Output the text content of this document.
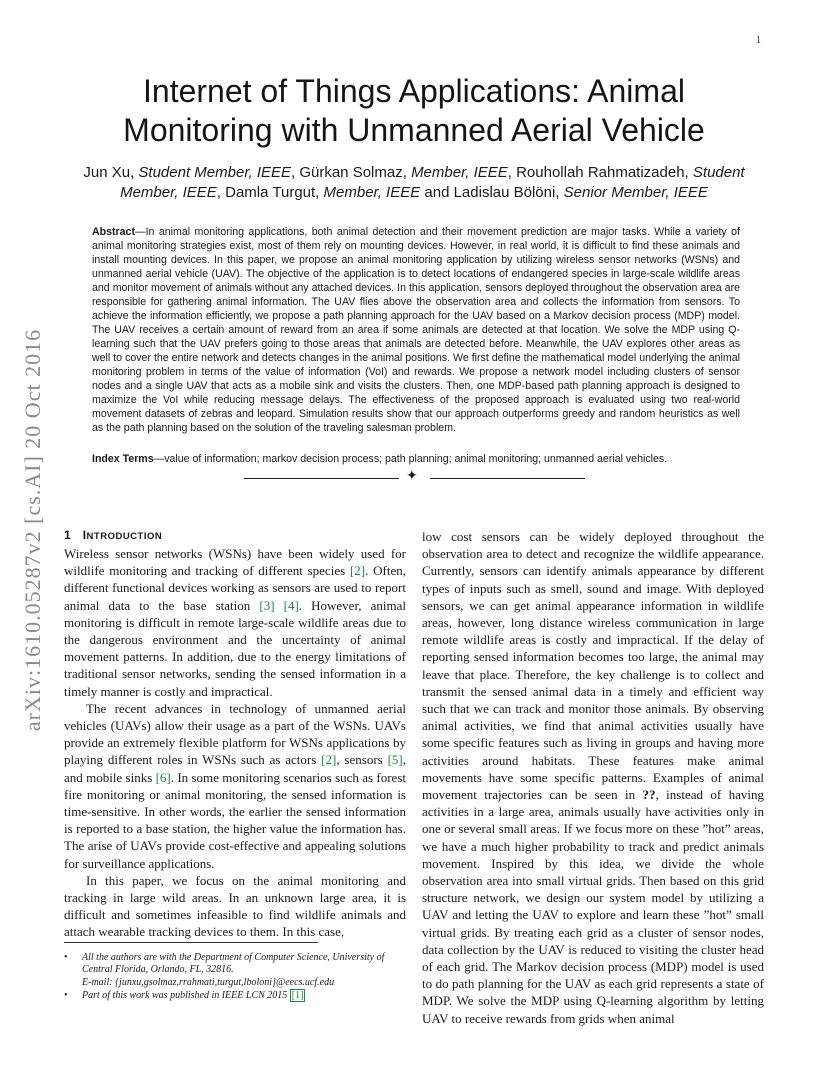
1
arXiv:1610.05287v2 [cs.AI] 20 Oct 2016
Internet of Things Applications: Animal
Monitoring with Unmanned Aerial Vehicle
Jun Xu, Student Member, IEEE, Gürkan Solmaz, Member, IEEE, Rouhollah Rahmatizadeh, Student
Member, IEEE, Damla Turgut, Member, IEEE and Ladislau Bölöni, Senior Member, IEEE
Abstract—In animal monitoring applications, both animal detection and their movement prediction are major tasks. While a variety of animal monitoring strategies exist, most of them rely on mounting devices. However, in real world, it is difficult to find these animals and install mounting devices. In this paper, we propose an animal monitoring application by utilizing wireless sensor networks (WSNs) and unmanned aerial vehicle (UAV). The objective of the application is to detect locations of endangered species in large-scale wildlife areas and monitor movement of animals without any attached devices. In this application, sensors deployed throughout the observation area are responsible for gathering animal information. The UAV flies above the observation area and collects the information from sensors. To achieve the information efficiently, we propose a path planning approach for the UAV based on a Markov decision process (MDP) model. The UAV receives a certain amount of reward from an area if some animals are detected at that location. We solve the MDP using Q-learning such that the UAV prefers going to those areas that animals are detected before. Meanwhile, the UAV explores other areas as well to cover the entire network and detects changes in the animal positions. We first define the mathematical model underlying the animal monitoring problem in terms of the value of information (VoI) and rewards. We propose a network model including clusters of sensor nodes and a single UAV that acts as a mobile sink and visits the clusters. Then, one MDP-based path planning approach is designed to maximize the VoI while reducing message delays. The effectiveness of the proposed approach is evaluated using two real-world movement datasets of zebras and leopard. Simulation results show that our approach outperforms greedy and random heuristics as well as the path planning based on the solution of the traveling salesman problem.
Index Terms—value of information; markov decision process; path planning; animal monitoring; unmanned aerial vehicles.
✦
1 INTRODUCTION

Wireless sensor networks (WSNs) have been widely used for wildlife monitoring and tracking of different species [2]. Often, different functional devices working as sensors are used to report animal data to the base station [3] [4]. However, animal monitoring is difficult in remote large-scale wildlife areas due to the dangerous environment and the uncertainty of animal movement patterns. In addition, due to the energy limitations of traditional sensor networks, sending the sensed information in a timely manner is costly and impractical.

The recent advances in technology of unmanned aerial vehicles (UAVs) allow their usage as a part of the WSNs. UAVs provide an extremely flexible platform for WSNs applications by playing different roles in WSNs such as actors [2], sensors [5], and mobile sinks [6]. In some monitoring scenarios such as forest fire monitoring or animal monitoring, the sensed information is time-sensitive. In other words, the earlier the sensed information is reported to a base station, the higher value the information has. The arise of UAVs provide cost-effective and appealing solutions for surveillance applications.

In this paper, we focus on the animal monitoring and tracking in large wild areas. In an unknown large area, it is difficult and sometimes infeasible to find wildlife animals and attach wearable tracking devices to them. In this case,

low cost sensors can be widely deployed throughout the observation area to detect and recognize the wildlife appearance. Currently, sensors can identify animals appearance by different types of inputs such as smell, sound and image. With deployed sensors, we can get animal appearance information in wildlife areas, however, long distance wireless communication in large remote wildlife areas is costly and impractical. If the delay of reporting sensed information becomes too large, the animal may leave that place. Therefore, the key challenge is to collect and transmit the sensed animal data in a timely and efficient way such that we can track and monitor those animals. By observing animal activities, we find that animal activities usually have some specific features such as living in groups and having more activities around habitats. These features make animal movements have some specific patterns. Examples of animal movement trajectories can be seen in ??, instead of having activities in a large area, animals usually have activities only in one or several small areas. If we focus more on these ”hot” areas, we have a much higher probability to track and predict animals movement. Inspired by this idea, we divide the whole observation area into small virtual grids. Then based on this grid structure network, we design our system model by utilizing a UAV and letting the UAV to explore and learn these ”hot” small virtual grids. By treating each grid as a cluster of sensor nodes, data collection by the UAV is reduced to visiting the cluster head of each grid. The Markov decision process (MDP) model is used to do path planning for the UAV as each grid represents a state of MDP. We solve the MDP using Q-learning algorithm by letting UAV to receive rewards from grids when animal

•	All the authors are with the Department of Computer Science, University of Central Florida, Orlando, FL, 32816.
E-mail: {junxu,gsolmaz,rrahmati,turgut,lboloni}@eecs.ucf.edu
•	Part of this work was published in IEEE LCN 2015 [1]
